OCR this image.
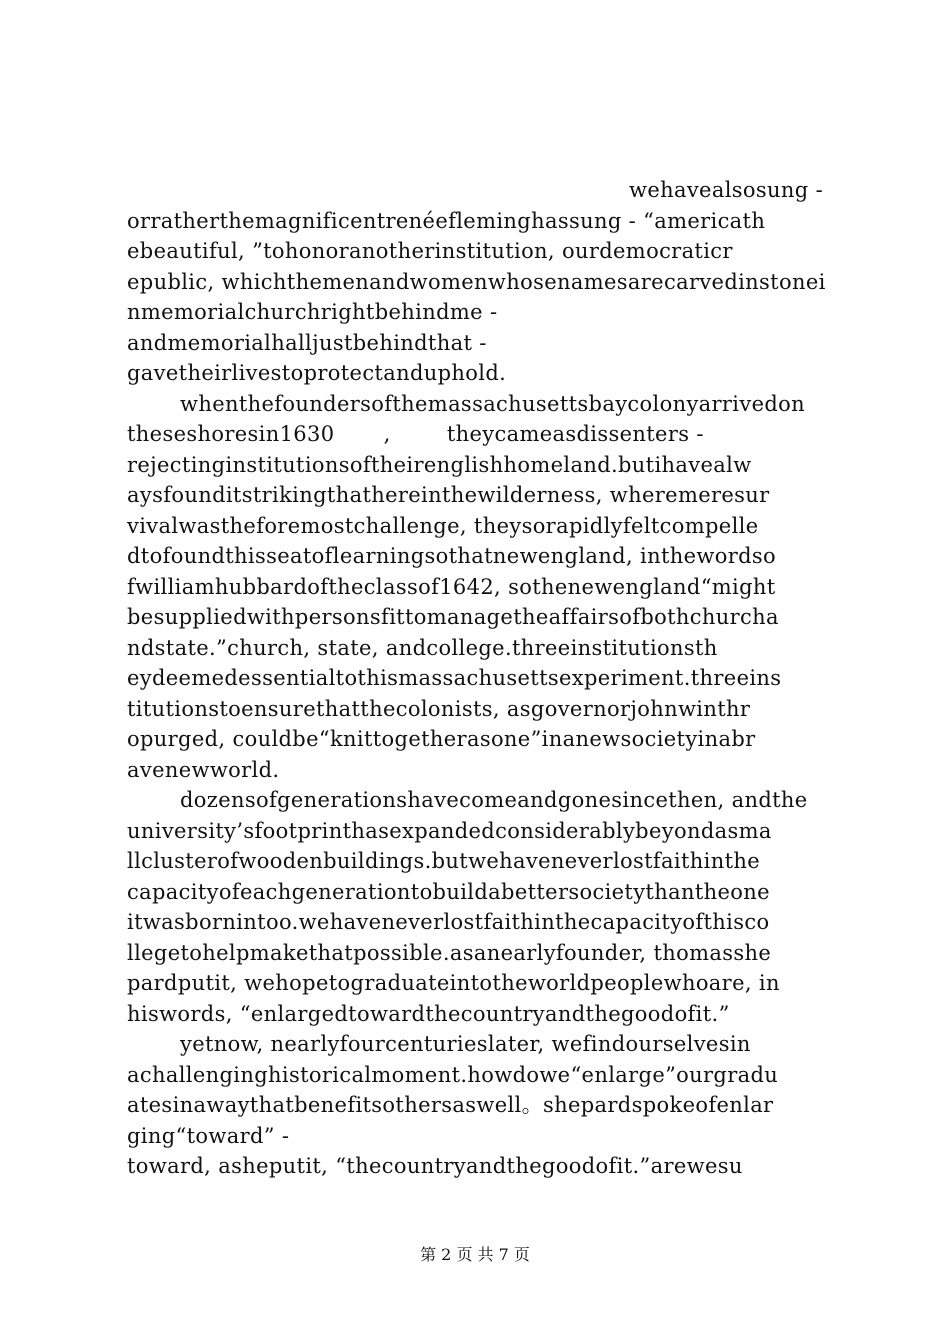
wehavealsosung -
orratherthemagnificentrenéefleminghassung - “americath
ebeautiful, ”tohonoranotherinstitution, ourdemocraticr
epublic, whichthemenandwomenwhosenamesarecarvedinstonei
nmemorialchurchrightbehindme -
andmemorialhalljustbehindthat -
gavetheirlivestoprotectanduphold.
whenthefoundersofthemassachusettsbaycolonyarrivedon
theseshoresin1630       ,        theycameasdissenters -
rejectinginstitutionsoftheirenglishhomeland.butihavealw
aysfounditstrikingthathereinthewilderness, wheremeresur
vivalwastheforemostchallenge, theysorapidlyfeltcompelle
dtofoundthisseatoflearningsothatnewengland, inthewordso
fwilliamhubbardoftheclassof1642, sothenewengland“might
besuppliedwithpersonsfittomanagetheaffairsofbothchurcha
ndstate.”church, state, andcollege.threeinstitutionsth
eydeemedessentialtothismassachusettsexperiment.threeins
titutionstoensurethatthecolonists, asgovernorjohnwinthr
opurged, couldbe“knittogetherasone”inanewsocietyinabr
avenewworld.
dozensofgenerationshavecomeandgonesincethen, andthe
university’sfootprinthasexpandedconsiderablybeyondasma
llclusterofwoodenbuildings.butwehaveneverlostfaithinthe
capacityofeachgenerationtobuildabettersocietythantheone
itwasbornintoo.wehaveneverlostfaithinthecapacityofthisco
llegetohelpmakethatpossible.asanearlyfounder, thomasshe
pardputit, wehopetograduateintotheworldpeoplewhoare, in
hiswords, “enlargedtowardthecountryandthegoodofit.”
yetnow, nearlyfourcenturieslater, wefindourselvesin
achallenginghistoricalmoment.howdowe“enlarge”ourgradu
atesinawaythatbenefitsothersaswell。shepardspokeofenlar
ging“toward” -
toward, asheputit, “thecountryandthegoodofit.”arewesu
第 2 页 共 7 页
